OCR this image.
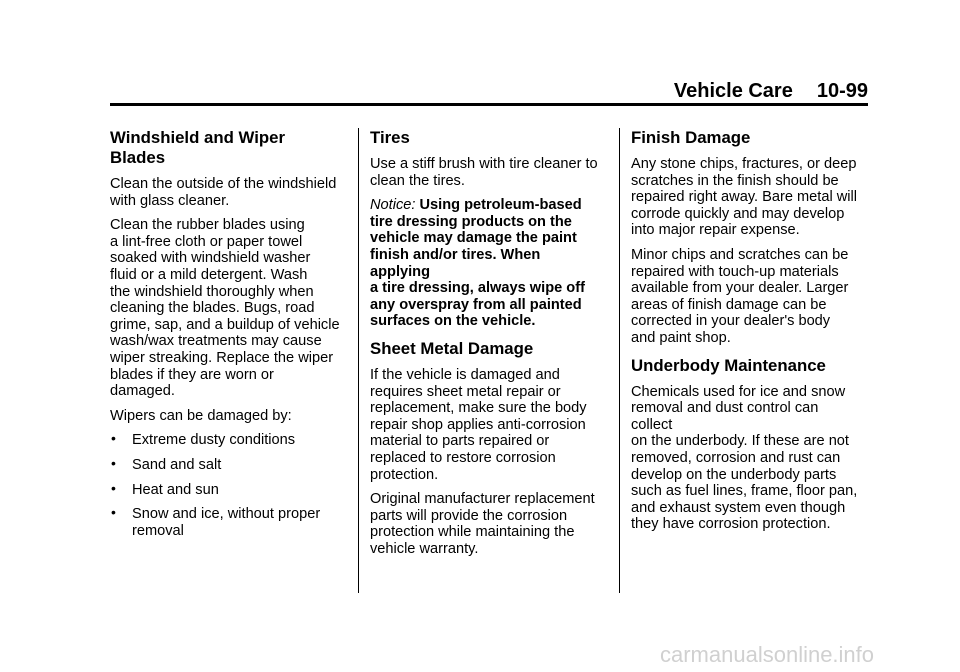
Vehicle Care 10-99
Windshield and Wiper Blades

Clean the outside of the windshield
with glass cleaner.

Clean the rubber blades using
a lint-free cloth or paper towel
soaked with windshield washer
fluid or a mild detergent. Wash
the windshield thoroughly when
cleaning the blades. Bugs, road
grime, sap, and a buildup of vehicle
wash/wax treatments may cause
wiper streaking. Replace the wiper
blades if they are worn or damaged.

Wipers can be damaged by:

• Extreme dusty conditions
• Sand and salt
• Heat and sun
• Snow and ice, without proper
removal
Tires

Use a stiff brush with tire cleaner to
clean the tires.

Notice: Using petroleum-based
tire dressing products on the
vehicle may damage the paint
finish and/or tires. When applying
a tire dressing, always wipe off
any overspray from all painted
surfaces on the vehicle.

Sheet Metal Damage

If the vehicle is damaged and
requires sheet metal repair or
replacement, make sure the body
repair shop applies anti-corrosion
material to parts repaired or
replaced to restore corrosion
protection.

Original manufacturer replacement
parts will provide the corrosion
protection while maintaining the
vehicle warranty.

Finish Damage

Any stone chips, fractures, or deep
scratches in the finish should be
repaired right away. Bare metal will
corrode quickly and may develop
into major repair expense.

Minor chips and scratches can be
repaired with touch-up materials
available from your dealer. Larger
areas of finish damage can be
corrected in your dealer's body
and paint shop.

Underbody Maintenance

Chemicals used for ice and snow
removal and dust control can collect
on the underbody. If these are not
removed, corrosion and rust can
develop on the underbody parts
such as fuel lines, frame, floor pan,
and exhaust system even though
they have corrosion protection.

carmanualsonline.info
